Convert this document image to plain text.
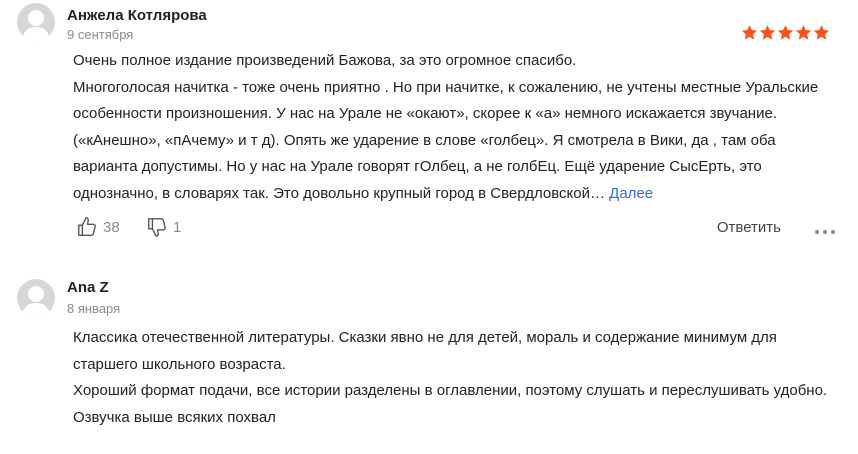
Анжела Котлярова
9 сентября

Очень полное издание произведений Бажова, за это огромное спасибо.

Многоголосая начитка - тоже очень приятно . Но при начитке, к сожалению, не учтены местные Уральские особенности произношения. У нас на Урале не «окают», скорее к «а» немного искажается звучание. («кАнешно», «пАчему» и т д). Опять же ударение в слове «голбец». Я смотрела в Вики, да , там оба варианта допустимы. Но у нас на Урале говорят гОлбец, а не голбЕц. Ещё ударение СысЕрть, это однозначно, в словарях так. Это довольно крупный город в Свердловской… Далее

38	1	Ответить
Ana Z
8 января

Классика отечественной литературы. Сказки явно не для детей, мораль и содержание минимум для старшего школьного возраста.

Хороший формат подачи, все истории разделены в оглавлении, поэтому слушать и переслушивать удобно.

Озвучка выше всяких похвал
